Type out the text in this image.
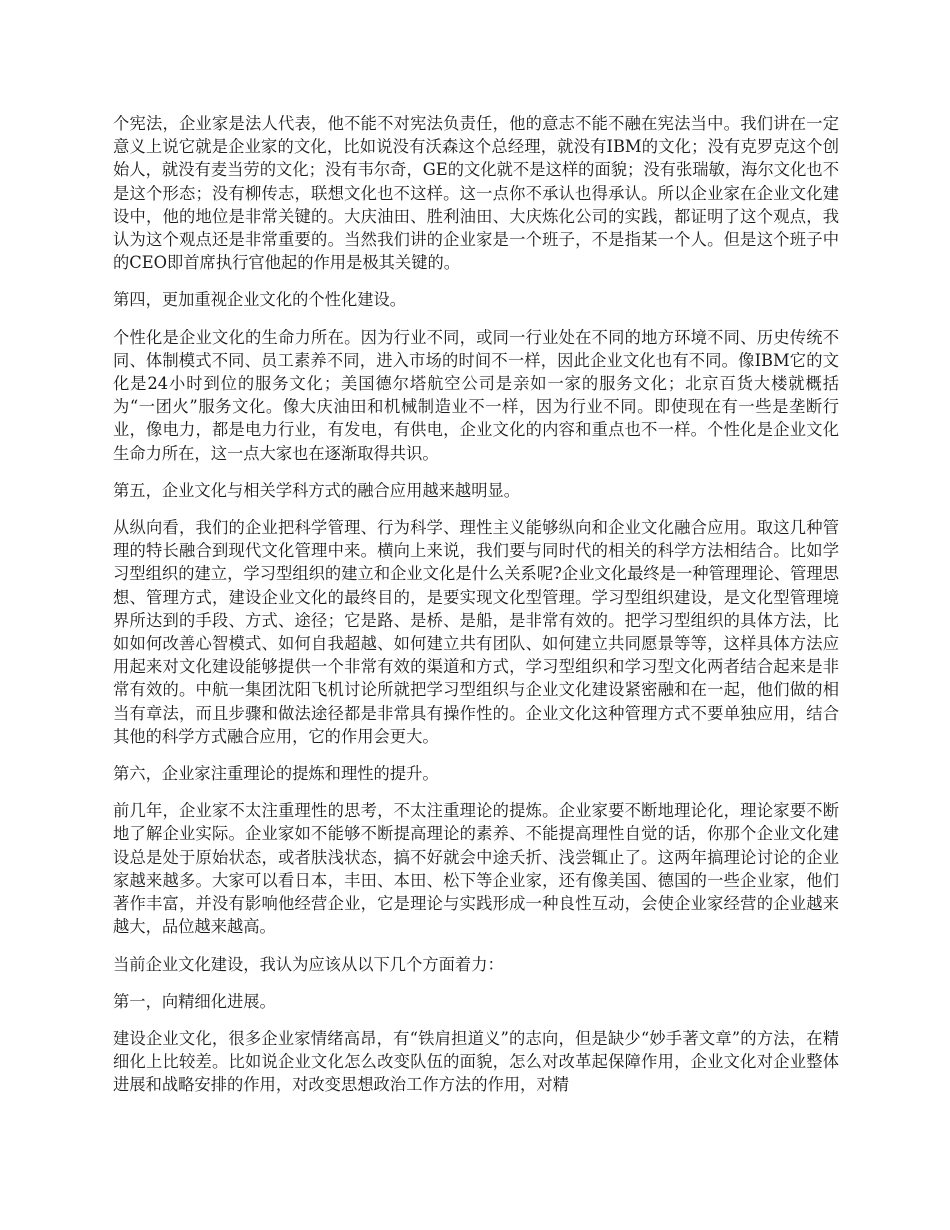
个宪法，企业家是法人代表，他不能不对宪法负责任，他的意志不能不融在宪法当中。我们讲在一定意义上说它就是企业家的文化，比如说没有沃森这个总经理，就没有IBM的文化；没有克罗克这个创始人，就没有麦当劳的文化；没有韦尔奇，GE的文化就不是这样的面貌；没有张瑞敏，海尔文化也不是这个形态；没有柳传志，联想文化也不这样。这一点你不承认也得承认。所以企业家在企业文化建设中，他的地位是非常关键的。大庆油田、胜利油田、大庆炼化公司的实践，都证明了这个观点，我认为这个观点还是非常重要的。当然我们讲的企业家是一个班子，不是指某一个人。但是这个班子中的CEO即首席执行官他起的作用是极其关键的。

第四，更加重视企业文化的个性化建设。

个性化是企业文化的生命力所在。因为行业不同，或同一行业处在不同的地方环境不同、历史传统不同、体制模式不同、员工素养不同，进入市场的时间不一样，因此企业文化也有不同。像IBM它的文化是24小时到位的服务文化；美国德尔塔航空公司是亲如一家的服务文化；北京百货大楼就概括为“一团火”服务文化。像大庆油田和机械制造业不一样，因为行业不同。即使现在有一些是垄断行业，像电力，都是电力行业，有发电，有供电，企业文化的内容和重点也不一样。个性化是企业文化生命力所在，这一点大家也在逐渐取得共识。

第五，企业文化与相关学科方式的融合应用越来越明显。

从纵向看，我们的企业把科学管理、行为科学、理性主义能够纵向和企业文化融合应用。取这几种管理的特长融合到现代文化管理中来。横向上来说，我们要与同时代的相关的科学方法相结合。比如学习型组织的建立，学习型组织的建立和企业文化是什么关系呢?企业文化最终是一种管理理论、管理思想、管理方式，建设企业文化的最终目的，是要实现文化型管理。学习型组织建设，是文化型管理境界所达到的手段、方式、途径；它是路、是桥、是船，是非常有效的。把学习型组织的具体方法，比如如何改善心智模式、如何自我超越、如何建立共有团队、如何建立共同愿景等等，这样具体方法应用起来对文化建设能够提供一个非常有效的渠道和方式，学习型组织和学习型文化两者结合起来是非常有效的。中航一集团沈阳飞机讨论所就把学习型组织与企业文化建设紧密融和在一起，他们做的相当有章法，而且步骤和做法途径都是非常具有操作性的。企业文化这种管理方式不要单独应用，结合其他的科学方式融合应用，它的作用会更大。

第六，企业家注重理论的提炼和理性的提升。

前几年，企业家不太注重理性的思考，不太注重理论的提炼。企业家要不断地理论化，理论家要不断地了解企业实际。企业家如不能够不断提高理论的素养、不能提高理性自觉的话，你那个企业文化建设总是处于原始状态，或者肤浅状态，搞不好就会中途夭折、浅尝辄止了。这两年搞理论讨论的企业家越来越多。大家可以看日本，丰田、本田、松下等企业家，还有像美国、德国的一些企业家，他们著作丰富，并没有影响他经营企业，它是理论与实践形成一种良性互动，会使企业家经营的企业越来越大，品位越来越高。

当前企业文化建设，我认为应该从以下几个方面着力：

第一，向精细化进展。

建设企业文化，很多企业家情绪高昂，有“铁肩担道义”的志向，但是缺少“妙手著文章”的方法，在精细化上比较差。比如说企业文化怎么改变队伍的面貌，怎么对改革起保障作用，企业文化对企业整体进展和战略安排的作用，对改变思想政治工作方法的作用，对精
